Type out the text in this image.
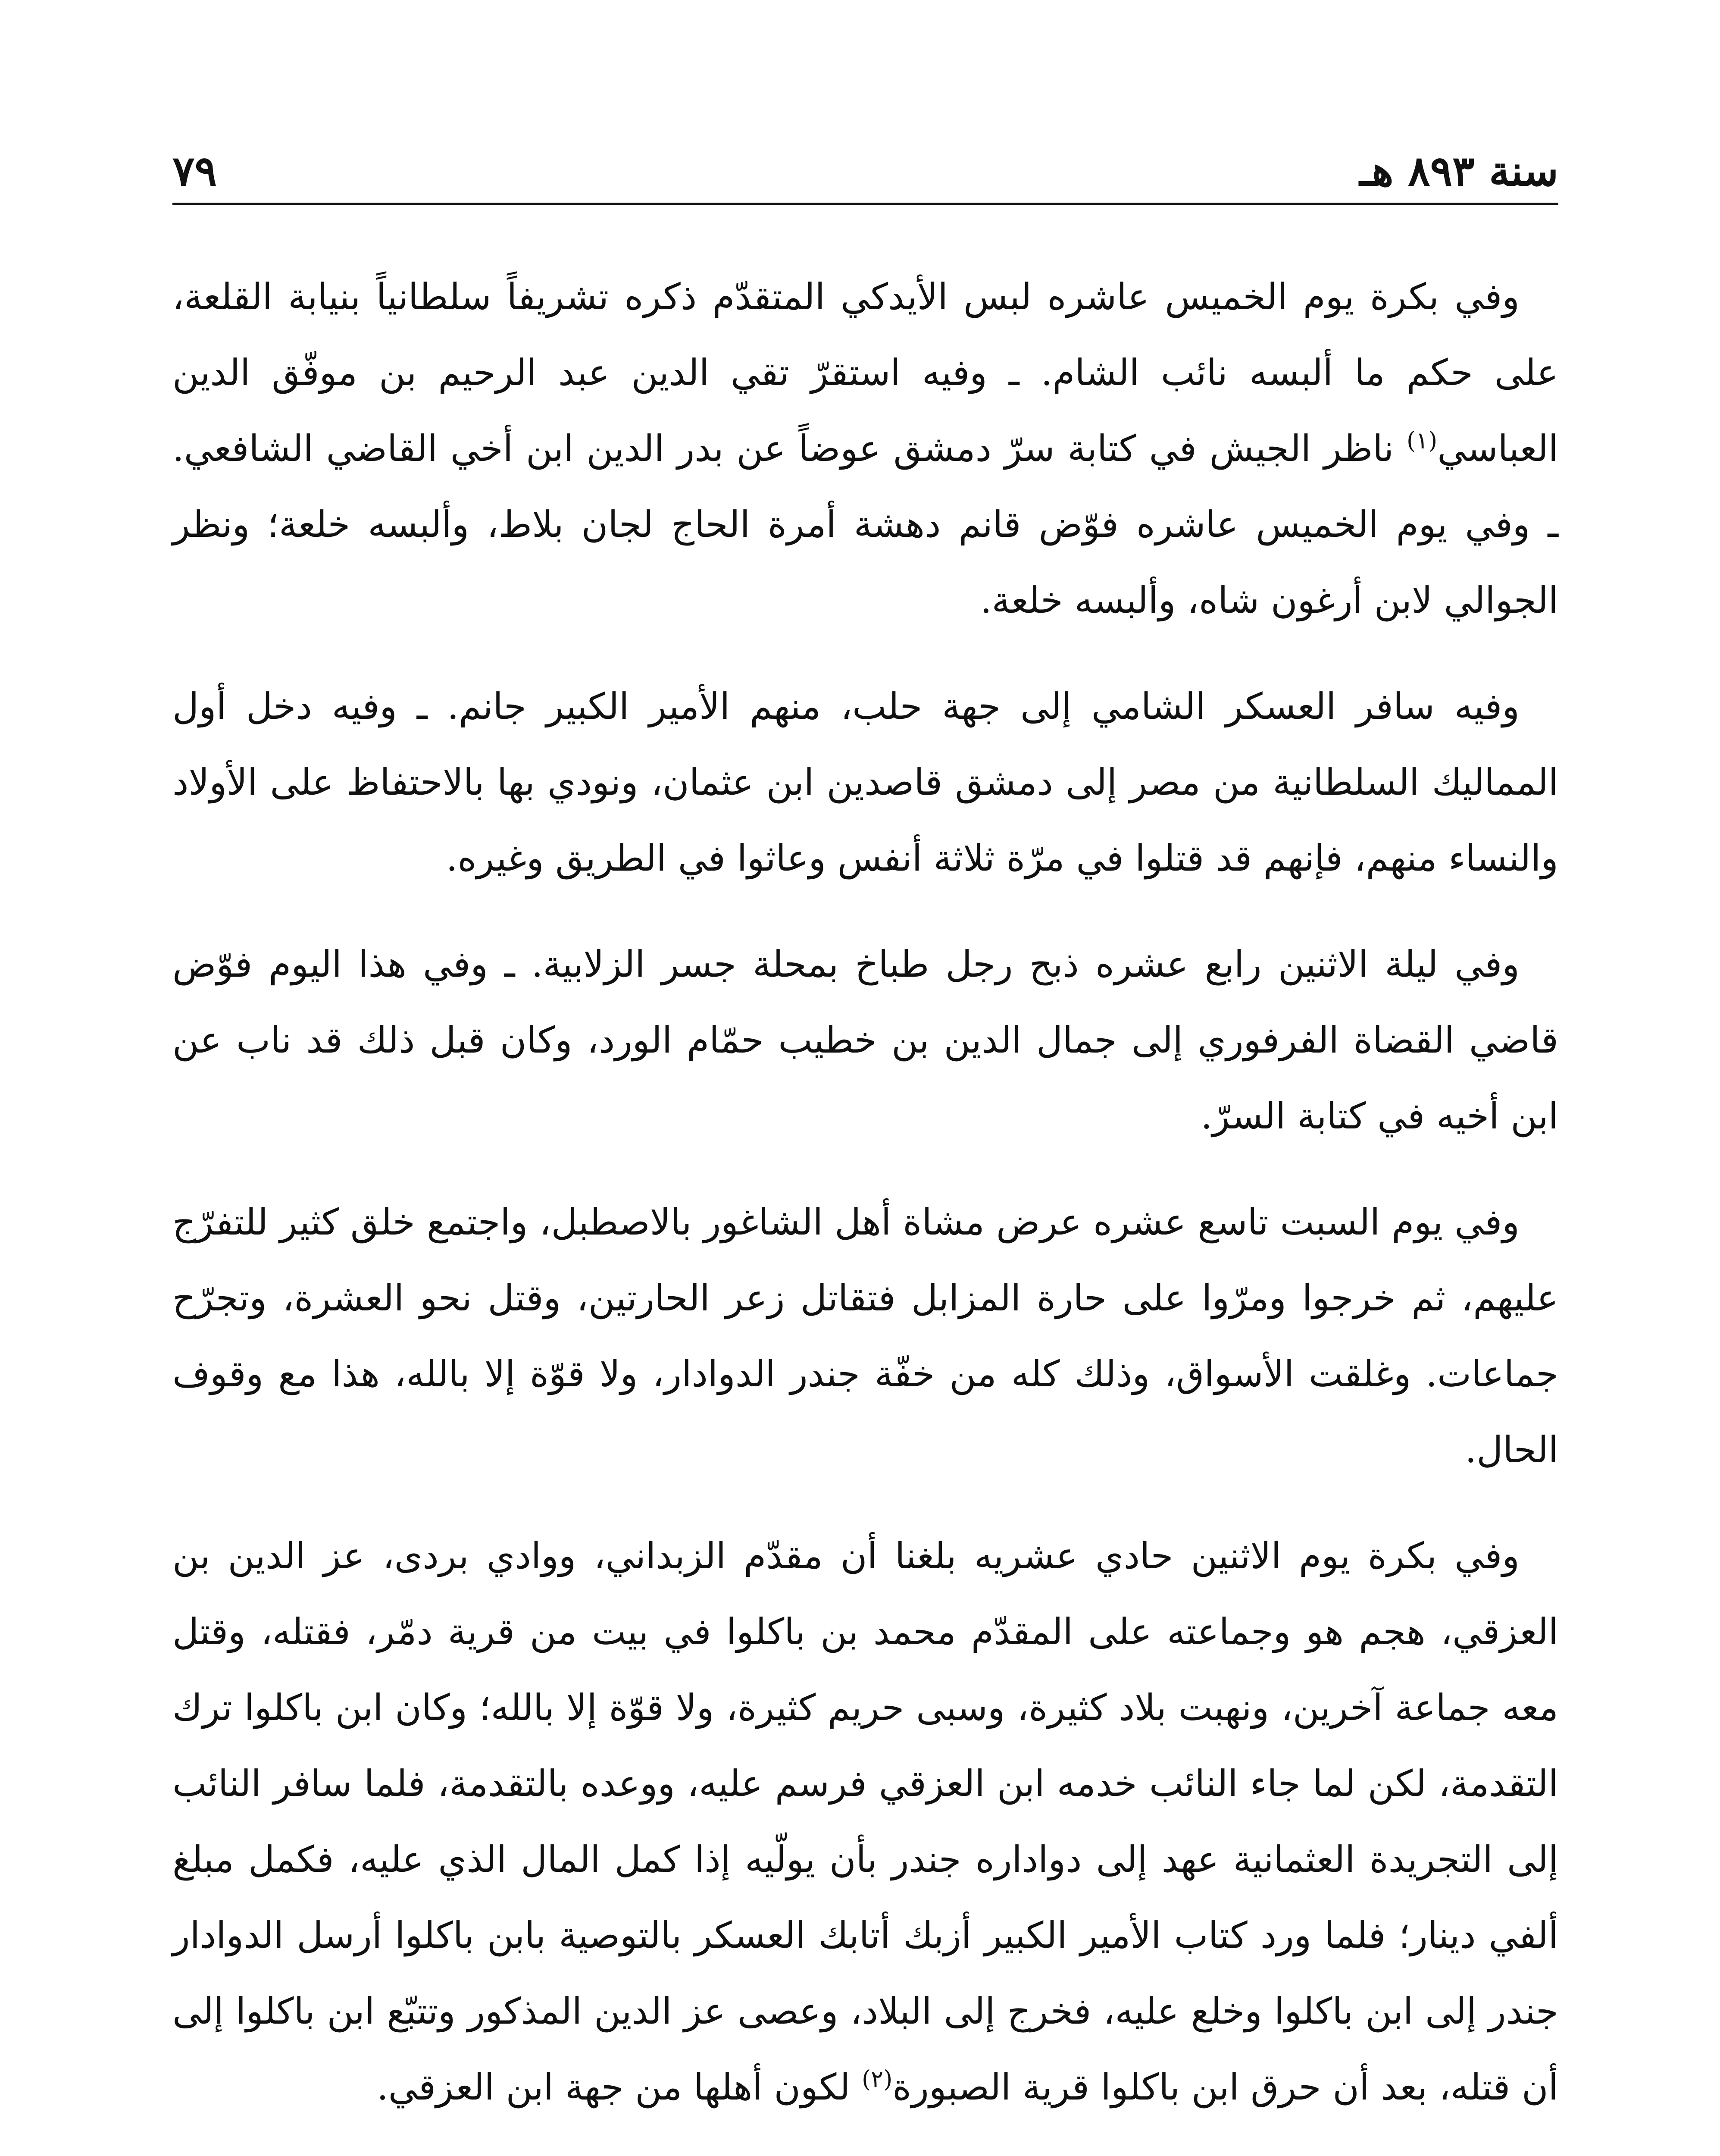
سنة ٨٩٣ هـ
٧٩

وفي بكرة يوم الخميس عاشره لبس الأيدكي المتقدّم ذكره تشريفاً سلطانياً بنيابة القلعة، على حكم ما ألبسه نائب الشام. ـ وفيه استقرّ تقي الدين عبد الرحيم بن موفّق الدين العباسي$^{(١)}$ ناظر الجيش في كتابة سرّ دمشق عوضاً عن بدر الدين ابن أخي القاضي الشافعي. ـ وفي يوم الخميس عاشره فوّض قانم دهشة أمرة الحاج لجان بلاط، وألبسه خلعة؛ ونظر الجوالي لابن أرغون شاه، وألبسه خلعة.

وفيه سافر العسكر الشامي إلى جهة حلب، منهم الأمير الكبير جانم. ـ وفيه دخل أول المماليك السلطانية من مصر إلى دمشق قاصدين ابن عثمان، ونودي بها بالاحتفاظ على الأولاد والنساء منهم، فإنهم قد قتلوا في مرّة ثلاثة أنفس وعاثوا في الطريق وغيره.

وفي ليلة الاثنين رابع عشره ذبح رجل طباخ بمحلة جسر الزلابية. ـ وفي هذا اليوم فوّض قاضي القضاة الفرفوري إلى جمال الدين بن خطيب حمّام الورد، وكان قبل ذلك قد ناب عن ابن أخيه في كتابة السرّ.

وفي يوم السبت تاسع عشره عرض مشاة أهل الشاغور بالاصطبل، واجتمع خلق كثير للتفرّج عليهم، ثم خرجوا ومرّوا على حارة المزابل فتقاتل زعر الحارتين، وقتل نحو العشرة، وتجرّح جماعات. وغلقت الأسواق، وذلك كله من خفّة جندر الدوادار، ولا قوّة إلا بالله، هذا مع وقوف الحال.

وفي بكرة يوم الاثنين حادي عشريه بلغنا أن مقدّم الزبداني، ووادي بردى، عز الدين بن العزقي، هجم هو وجماعته على المقدّم محمد بن باكلوا في بيت من قرية دمّر، فقتله، وقتل معه جماعة آخرين، ونهبت بلاد كثيرة، وسبى حريم كثيرة، ولا قوّة إلا بالله؛ وكان ابن باكلوا ترك التقدمة، لكن لما جاء النائب خدمه ابن العزقي فرسم عليه، ووعده بالتقدمة، فلما سافر النائب إلى التجريدة العثمانية عهد إلى دواداره جندر بأن يولّيه إذا كمل المال الذي عليه، فكمل مبلغ ألفي دينار؛ فلما ورد كتاب الأمير الكبير أزبك أتابك العسكر بالتوصية بابن باكلوا أرسل الدوادار جندر إلى ابن باكلوا وخلع عليه، فخرج إلى البلاد، وعصى عز الدين المذكور وتتبّع ابن باكلوا إلى أن قتله، بعد أن حرق ابن باكلوا قرية الصبورة$^{(٢)}$ لكون أهلها من جهة ابن العزقي.
